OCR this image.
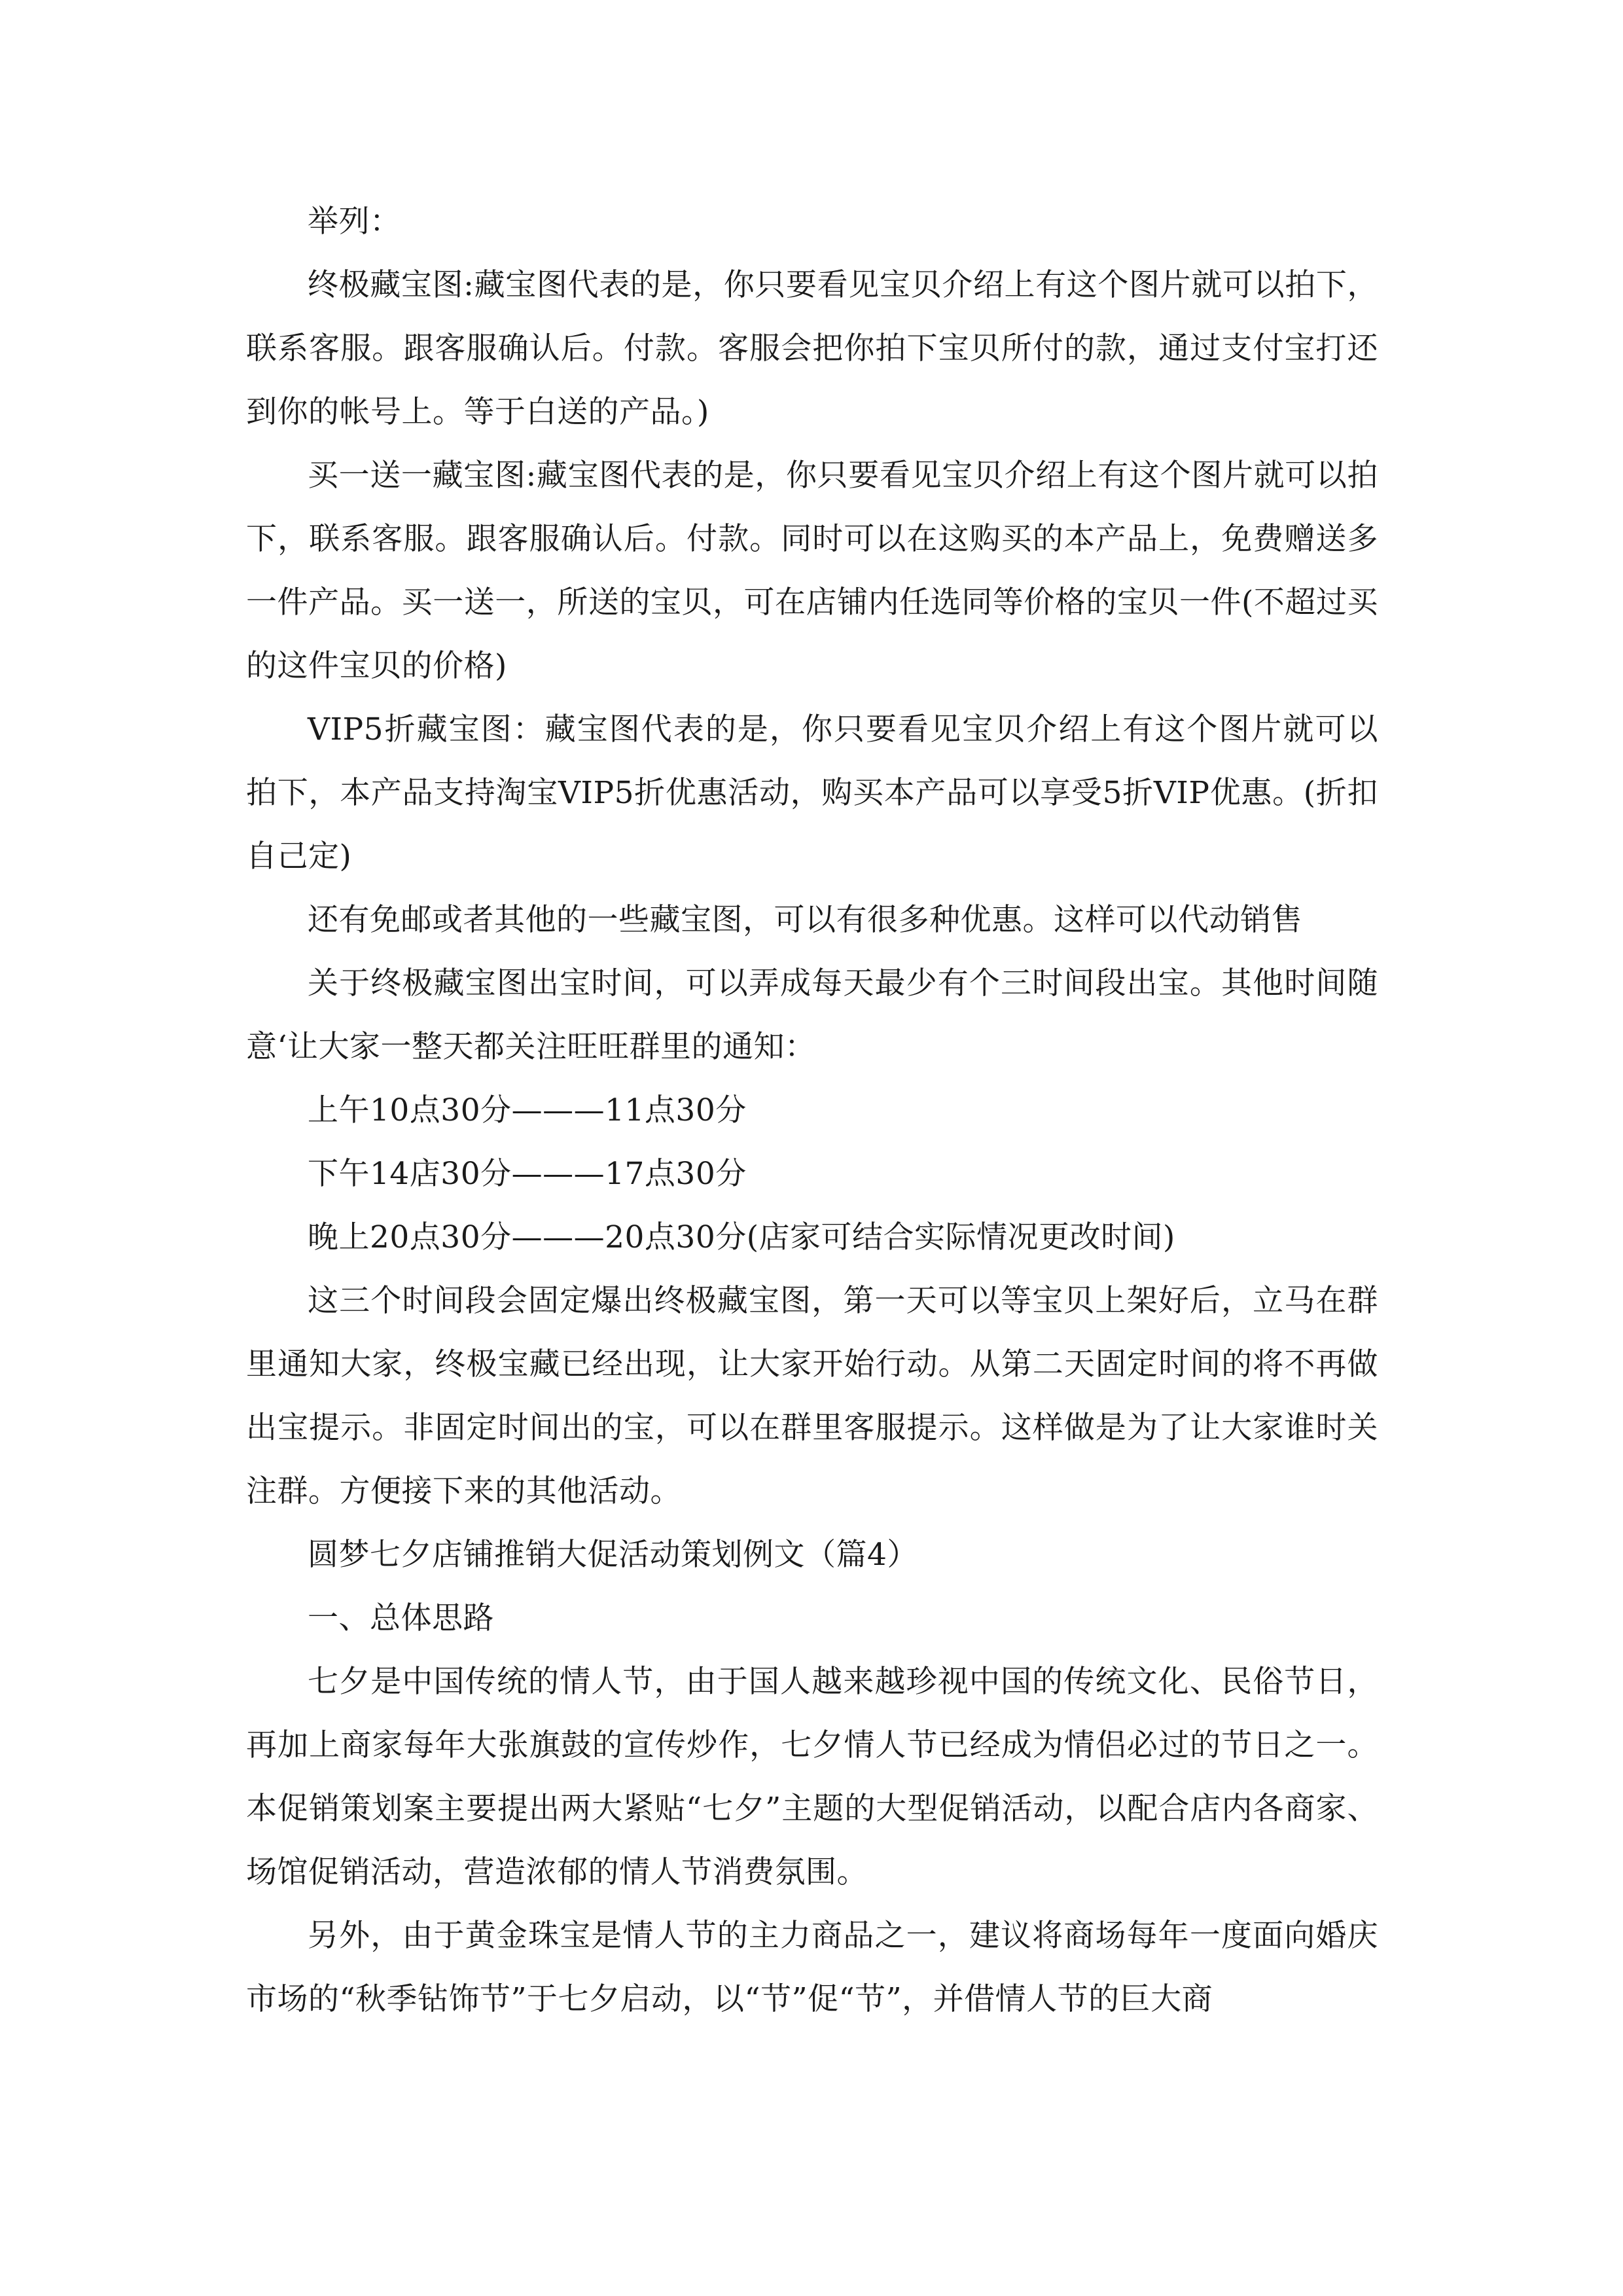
举列：

终极藏宝图:藏宝图代表的是，你只要看见宝贝介绍上有这个图片就可以拍下，联系客服。跟客服确认后。付款。客服会把你拍下宝贝所付的款，通过支付宝打还到你的帐号上。等于白送的产品。)

买一送一藏宝图:藏宝图代表的是，你只要看见宝贝介绍上有这个图片就可以拍下，联系客服。跟客服确认后。付款。同时可以在这购买的本产品上，免费赠送多一件产品。买一送一，所送的宝贝，可在店铺内任选同等价格的宝贝一件(不超过买的这件宝贝的价格)

VIP5折藏宝图：藏宝图代表的是，你只要看见宝贝介绍上有这个图片就可以拍下，本产品支持淘宝VIP5折优惠活动，购买本产品可以享受5折VIP优惠。(折扣自己定)

还有免邮或者其他的一些藏宝图，可以有很多种优惠。这样可以代动销售

关于终极藏宝图出宝时间，可以弄成每天最少有个三时间段出宝。其他时间随意‘让大家一整天都关注旺旺群里的通知：

上午10点30分———11点30分

下午14店30分———17点30分

晚上20点30分———20点30分(店家可结合实际情况更改时间)

这三个时间段会固定爆出终极藏宝图，第一天可以等宝贝上架好后，立马在群里通知大家，终极宝藏已经出现，让大家开始行动。从第二天固定时间的将不再做出宝提示。非固定时间出的宝，可以在群里客服提示。这样做是为了让大家谁时关注群。方便接下来的其他活动。

圆梦七夕店铺推销大促活动策划例文（篇4）

一、总体思路

七夕是中国传统的情人节，由于国人越来越珍视中国的传统文化、民俗节日，再加上商家每年大张旗鼓的宣传炒作，七夕情人节已经成为情侣必过的节日之一。本促销策划案主要提出两大紧贴“七夕”主题的大型促销活动，以配合店内各商家、场馆促销活动，营造浓郁的情人节消费氛围。

另外，由于黄金珠宝是情人节的主力商品之一，建议将商场每年一度面向婚庆市场的“秋季钻饰节”于七夕启动，以“节”促“节”，并借情人节的巨大商
